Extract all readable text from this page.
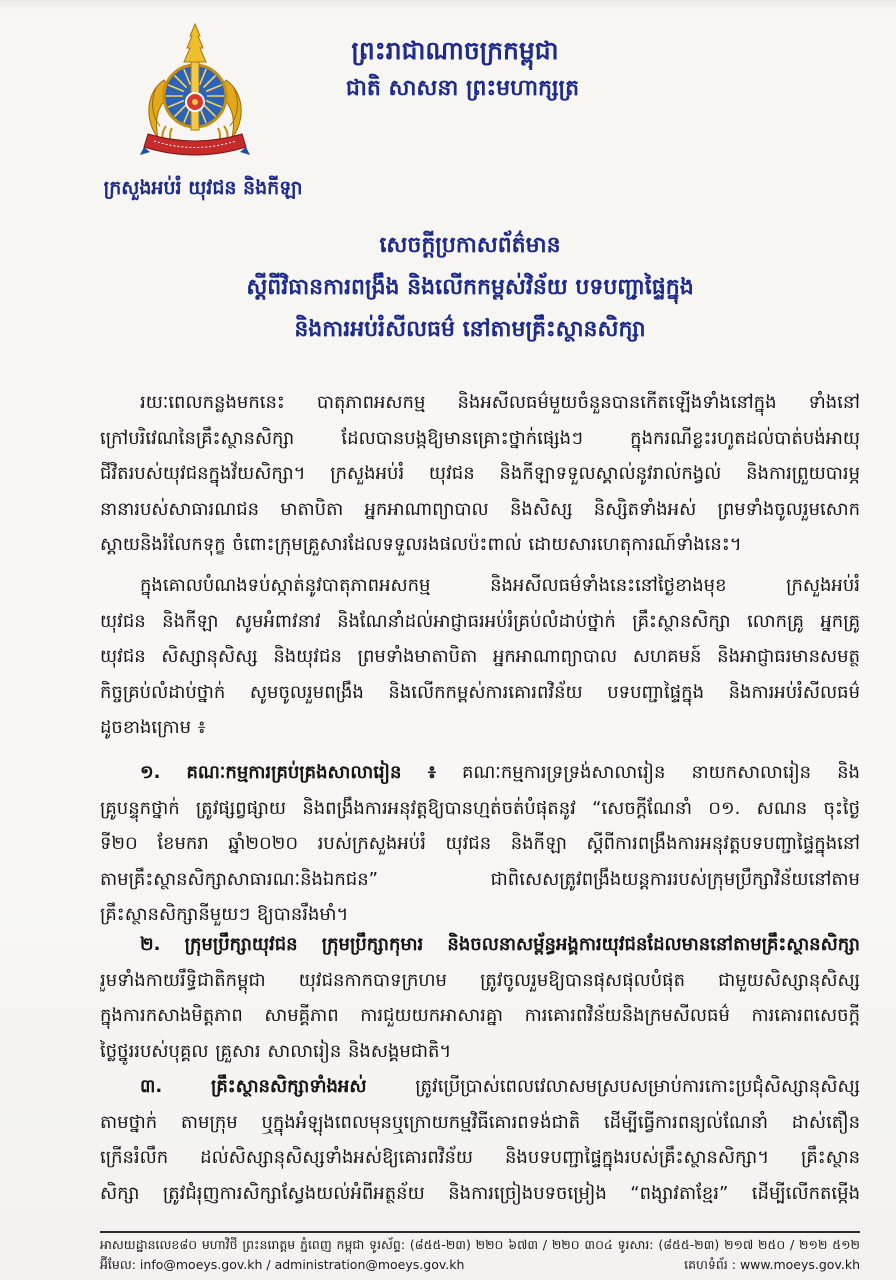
ព្រះរាជាណាចក្រកម្ពុជា
ជាតិ សាសនា ព្រះមហាក្សត្រ
ក្រសួងអប់រំ យុវជន និងកីឡា
សេចក្តីប្រកាសព័ត៌មាន
ស្តីពីវិធានការពង្រឹង និងលើកកម្ពស់វិន័យ បទបញ្ជាផ្ទៃក្នុង
និងការអប់រំសីលធម៌ នៅតាមគ្រឹះស្ថានសិក្សា
រយៈពេលកន្លងមកនេះ បាតុភាពអសកម្ម និងអសីលធម៌មួយចំនួនបានកើតឡើងទាំងនៅក្នុង ទាំងនៅ
ក្រៅបរិវេណនៃគ្រឹះស្ថានសិក្សា ដែលបានបង្កឱ្យមានគ្រោះថ្នាក់ផ្សេងៗ ក្នុងករណីខ្លះរហូតដល់បាត់បង់អាយុ
ជីវិតរបស់យុវជនក្នុងវ័យសិក្សា។ ក្រសួងអប់រំ យុវជន និងកីឡាទទួលស្គាល់នូវរាល់កង្វល់ និងការព្រួយបារម្ភ
នានារបស់សាធារណជន មាតាបិតា អ្នកអាណាព្យាបាល និងសិស្ស និស្សិតទាំងអស់ ព្រមទាំងចូលរួមសោក
ស្តាយនិងរំលែកទុក្ខ ចំពោះក្រុមគ្រួសារដែលទទួលរងផលប៉ះពាល់ ដោយសារហេតុការណ៍ទាំងនេះ។
ក្នុងគោលបំណងទប់ស្កាត់នូវបាតុភាពអសកម្ម និងអសីលធម៌ទាំងនេះនៅថ្ងៃខាងមុខ ក្រសួងអប់រំ
យុវជន និងកីឡា សូមអំពាវនាវ និងណែនាំដល់អាជ្ញាធរអប់រំគ្រប់លំដាប់ថ្នាក់ គ្រឹះស្ថានសិក្សា លោកគ្រូ អ្នកគ្រូ
យុវជន សិស្សានុសិស្ស និងយុវជន ព្រមទាំងមាតាបិតា អ្នកអាណាព្យាបាល សហគមន៍ និងអាជ្ញាធរមានសមត្ថ
កិច្ចគ្រប់លំដាប់ថ្នាក់ សូមចូលរួមពង្រឹង និងលើកកម្ពស់ការគោរពវិន័យ បទបញ្ជាផ្ទៃក្នុង និងការអប់រំសីលធម៌
ដូចខាងក្រោម ៖
១. គណៈកម្មការគ្រប់គ្រងសាលារៀន ៖ គណៈកម្មការទ្រទ្រង់សាលារៀន នាយកសាលារៀន និង
គ្រូបន្ទុកថ្នាក់ ត្រូវផ្សព្វផ្សាយ និងពង្រឹងការអនុវត្តឱ្យបានហ្មត់ចត់បំផុតនូវ “សេចក្តីណែនាំ ០១. សណន ចុះថ្ងៃ
ទី២០ ខែមករា ឆ្នាំ២០២០ របស់ក្រសួងអប់រំ យុវជន និងកីឡា ស្តីពីការពង្រឹងការអនុវត្តបទបញ្ជាផ្ទៃក្នុងនៅ
តាមគ្រឹះស្ថានសិក្សាសាធារណៈនិងឯកជន” ជាពិសេសត្រូវពង្រឹងយន្តការរបស់ក្រុមប្រឹក្សាវិន័យនៅតាម
គ្រឹះស្ថានសិក្សានីមួយៗ ឱ្យបានរឹងមាំ។
២. ក្រុមប្រឹក្សាយុវជន ក្រុមប្រឹក្សាកុមារ និងចលនាសម្ព័ន្ធអង្គការយុវជនដែលមាននៅតាមគ្រឹះស្ថានសិក្សា
រួមទាំងកាយរឹទ្ធិជាតិកម្ពុជា យុវជនកាកបាទក្រហម ត្រូវចូលរួមឱ្យបានផុសផុលបំផុត ជាមួយសិស្សានុសិស្ស
ក្នុងការកសាងមិត្តភាព សាមគ្គីភាព ការជួយយកអាសារគ្នា ការគោរពវិន័យនិងក្រមសីលធម៌ ការគោរពសេចក្តី
ថ្លៃថ្នូររបស់បុគ្គល គ្រួសារ សាលារៀន និងសង្គមជាតិ។
៣.	គ្រឹះស្ថានសិក្សាទាំងអស់	ត្រូវប្រើប្រាស់ពេលវេលាសមស្របសម្រាប់ការកោះប្រជុំសិស្សានុសិស្ស
តាមថ្នាក់ តាមក្រុម ឬក្នុងអំឡុងពេលមុនឬក្រោយកម្មវិធីគោរពទង់ជាតិ ដើម្បីធ្វើការពន្យល់ណែនាំ ដាស់តឿន
ក្រើនរំលឹក ដល់សិស្សានុសិស្សទាំងអស់ឱ្យគោរពវិន័យ និងបទបញ្ជាផ្ទៃក្នុងរបស់គ្រឹះស្ថានសិក្សា។ គ្រឹះស្ថាន
សិក្សា ត្រូវជំរុញការសិក្សាស្វែងយល់អំពីអត្ថន័យ និងការច្រៀងបទចម្រៀង “ពង្សាវតាខ្មែរ” ដើម្បីលើកតម្កើង
អាសយដ្ឋានលេខ៨០ មហាវិថី ព្រះនរោត្តម ភ្នំពេញ កម្ពុជា ទូរស័ព្ទ: (៨៥៥-២៣) ២២០ ៦៧៣ / ២២០ ៣០៤ ទូរសារ: (៨៥៥-២៣) ២១៧ ២៥០ / ២១២ ៥១២
អ៊ីមែល: info@moeys.gov.kh / administration@moeys.gov.kh	គេហទំព័រ : www.moeys.gov.kh
